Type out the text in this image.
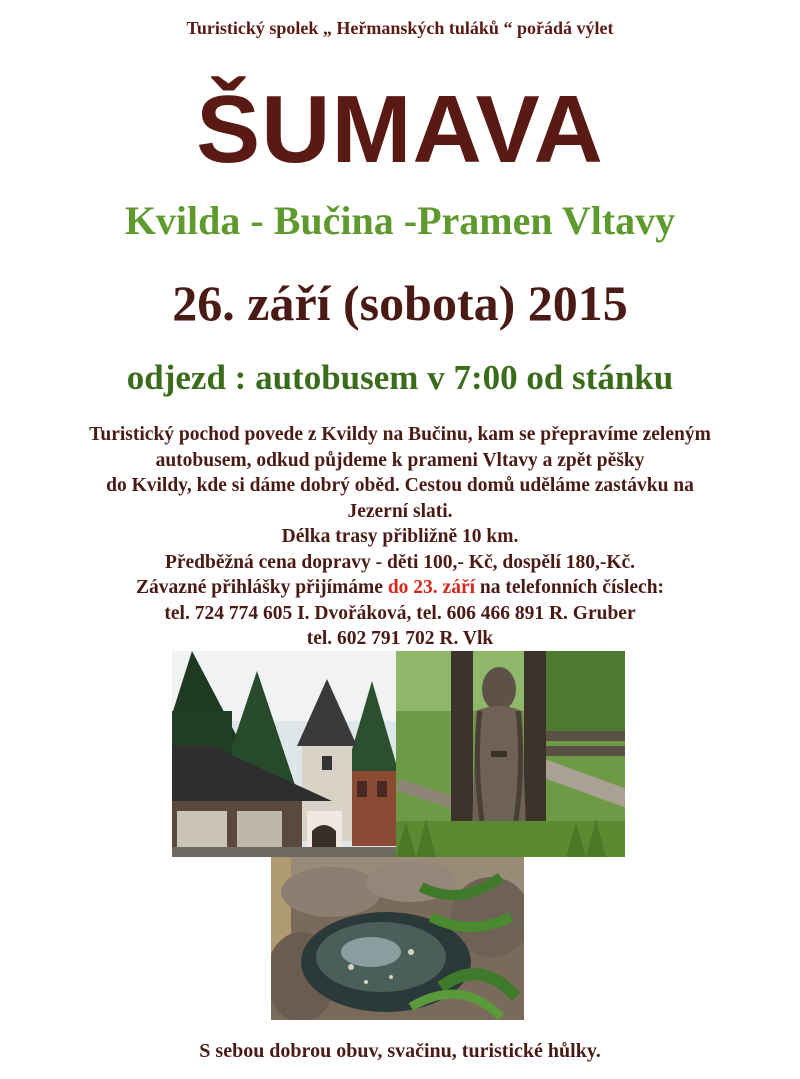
Turistický spolek „ Heřmanských tuláků “ pořádá výlet
ŠUMAVA
Kvilda - Bučina -Pramen Vltavy
26. září (sobota) 2015
odjezd : autobusem v 7:00 od stánku

Turistický pochod povede z Kvildy na Bučinu, kam se přepravíme zeleným

autobusem, odkud půjdeme k prameni Vltavy a zpět pěšky

do Kvildy, kde si dáme dobrý oběd. Cestou domů uděláme zastávku na

Jezerní slati.

Délka trasy přibližně 10 km.

Předběžná cena dopravy - děti 100,- Kč, dospělí 180,-Kč.

Závazné přihlášky přijímáme do 23. září na telefonních číslech:

tel. 724 774 605 I. Dvořáková, tel. 606 466 891 R. Gruber

tel. 602 791 702 R. Vlk

S sebou dobrou obuv, svačinu, turistické hůlky.
